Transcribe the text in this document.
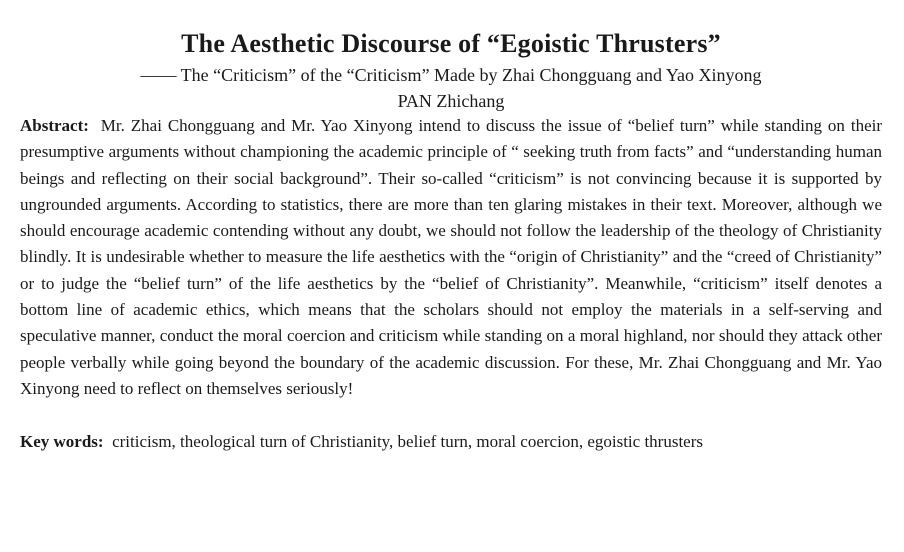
The Aesthetic Discourse of “Egoistic Thrusters”

—— The “Criticism” of the “Criticism” Made by Zhai Chongguang and Yao Xinyong

PAN Zhichang

Abstract: Mr. Zhai Chongguang and Mr. Yao Xinyong intend to discuss the issue of “belief turn” while standing on their presumptive arguments without championing the academic principle of “ seeking truth from facts” and “understanding human beings and reflecting on their social background”. Their so-called “criticism” is not convincing because it is supported by ungrounded arguments. According to statistics, there are more than ten glaring mistakes in their text. Moreover, although we should encourage academic contending without any doubt, we should not follow the leadership of the theology of Christianity blindly. It is undesirable whether to measure the life aesthetics with the “origin of Christianity” and the “creed of Christianity” or to judge the “belief turn” of the life aesthetics by the “belief of Christianity”. Meanwhile, “criticism” itself denotes a bottom line of academic ethics, which means that the scholars should not employ the materials in a self-serving and speculative manner, conduct the moral coercion and criticism while standing on a moral highland, nor should they attack other people verbally while going beyond the boundary of the academic discussion. For these, Mr. Zhai Chongguang and Mr. Yao Xinyong need to reflect on themselves seriously!

Key words: criticism, theological turn of Christianity, belief turn, moral coercion, egoistic thrusters
